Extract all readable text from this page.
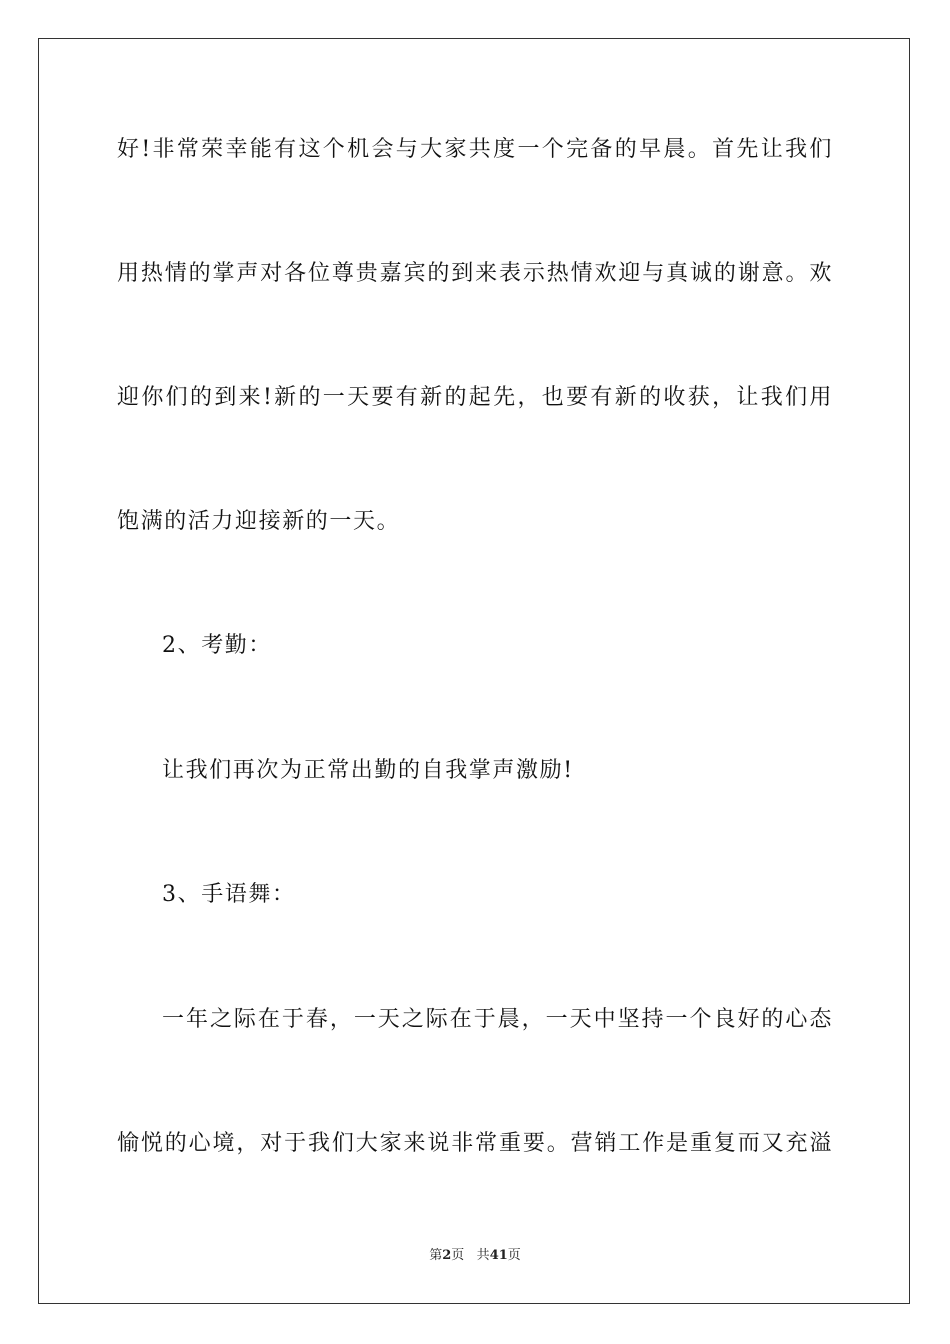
好!非常荣幸能有这个机会与大家共度一个完备的早晨。首先让我们
用热情的掌声对各位尊贵嘉宾的到来表示热情欢迎与真诚的谢意。欢
迎你们的到来!新的一天要有新的起先，也要有新的收获，让我们用
饱满的活力迎接新的一天。
2、考勤：
让我们再次为正常出勤的自我掌声激励!
3、手语舞：
一年之际在于春，一天之际在于晨，一天中坚持一个良好的心态
愉悦的心境，对于我们大家来说非常重要。营销工作是重复而又充溢
第2页 共41页
